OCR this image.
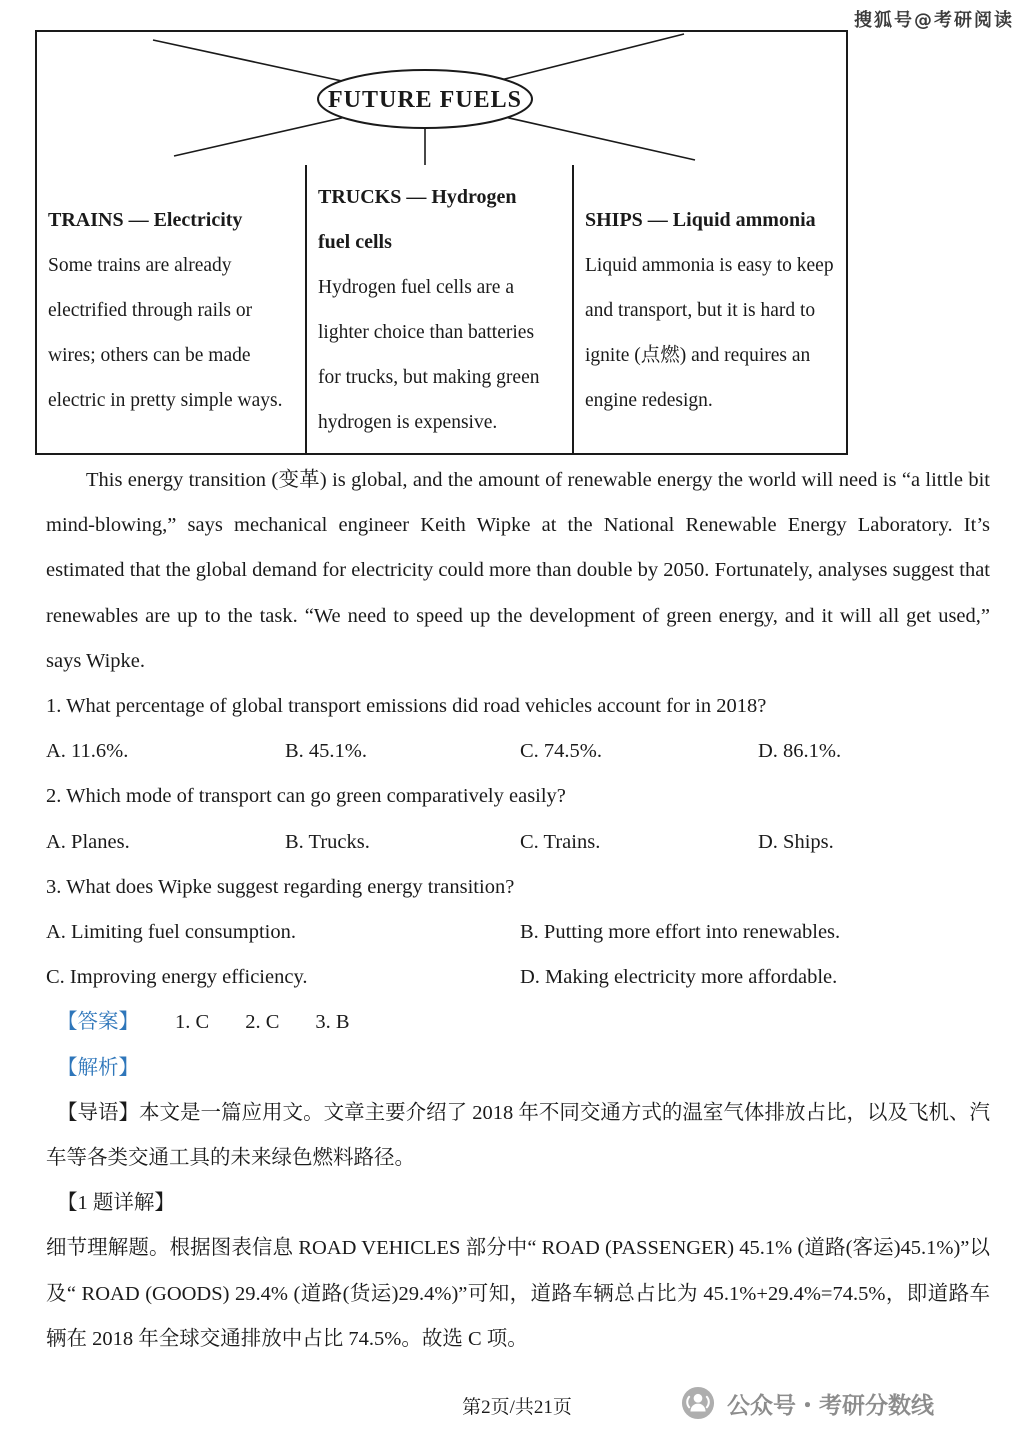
搜狐号@考研阅读
FUTURE FUELS
TRAINS — Electricity
Some trains are already electrified through rails or wires; others can be made electric in pretty simple ways.
TRUCKS — Hydrogen fuel cells
Hydrogen fuel cells are a lighter choice than batteries for trucks, but making green hydrogen is expensive.
SHIPS — Liquid ammonia
Liquid ammonia is easy to keep and transport, but it is hard to ignite (点燃) and requires an engine redesign.

This energy transition (变革) is global, and the amount of renewable energy the world will need is “a little bit mind-blowing,” says mechanical engineer Keith Wipke at the National Renewable Energy Laboratory. It’s estimated that the global demand for electricity could more than double by 2050. Fortunately, analyses suggest that renewables are up to the task. “We need to speed up the development of green energy, and it will all get used,” says Wipke.

1. What percentage of global transport emissions did road vehicles account for in 2018?

A. 11.6%.	B. 45.1%.	C. 74.5%.	D. 86.1%.

2. Which mode of transport can go green comparatively easily?

A. Planes.	B. Trucks.	C. Trains.	D. Ships.

3. What does Wipke suggest regarding energy transition?

A. Limiting fuel consumption.	B. Putting more effort into renewables.
C. Improving energy efficiency.	D. Making electricity more affordable.

【答案】 1. C 2. C 3. B

【解析】

【导语】本文是一篇应用文。文章主要介绍了 2018 年不同交通方式的温室气体排放占比，以及飞机、汽车等各类交通工具的未来绿色燃料路径。

【1 题详解】

细节理解题。根据图表信息 ROAD VEHICLES 部分中“ ROAD (PASSENGER) 45.1% (道路(客运)45.1%)”以及“ ROAD (GOODS) 29.4% (道路(货运)29.4%)”可知，道路车辆总占比为 45.1%+29.4%=74.5%，即道路车辆在 2018 年全球交通排放中占比 74.5%。故选 C 项。

第2页/共21页	公众号・考研分数线
